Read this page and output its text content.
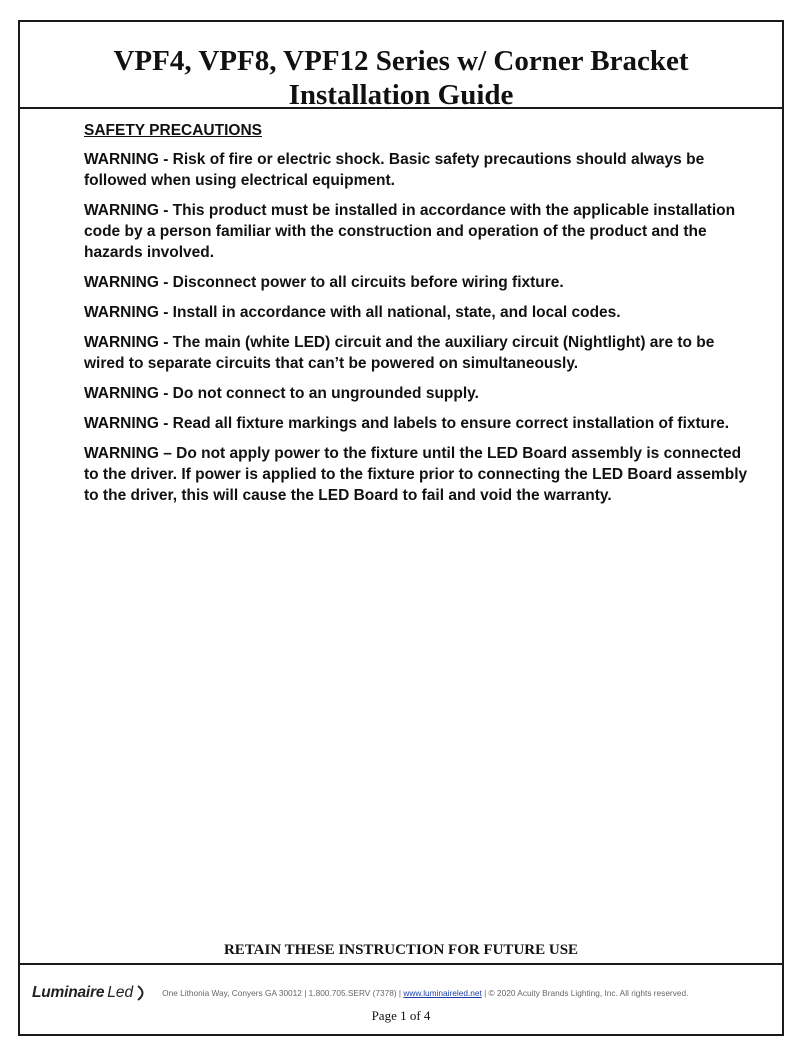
VPF4, VPF8, VPF12 Series w/ Corner Bracket
Installation Guide
SAFETY PRECAUTIONS
WARNING - Risk of fire or electric shock. Basic safety precautions should always be followed when using electrical equipment.
WARNING - This product must be installed in accordance with the applicable installation code by a person familiar with the construction and operation of the product and the hazards involved.
WARNING - Disconnect power to all circuits before wiring fixture.
WARNING - Install in accordance with all national, state, and local codes.
WARNING - The main (white LED) circuit and the auxiliary circuit (Nightlight) are to be wired to separate circuits that can’t be powered on simultaneously.
WARNING - Do not connect to an ungrounded supply.
WARNING - Read all fixture markings and labels to ensure correct installation of fixture.
WARNING – Do not apply power to the fixture until the LED Board assembly is connected to the driver. If power is applied to the fixture prior to connecting the LED Board assembly to the driver, this will cause the LED Board to fail and void the warranty.
RETAIN THESE INSTRUCTION FOR FUTURE USE
Luminaire Led	One Lithonia Way, Conyers GA 30012 | 1.800.705.SERV (7378) | www.luminaireled.net | © 2020 Acuity Brands Lighting, Inc. All rights reserved.
Page 1 of 4
